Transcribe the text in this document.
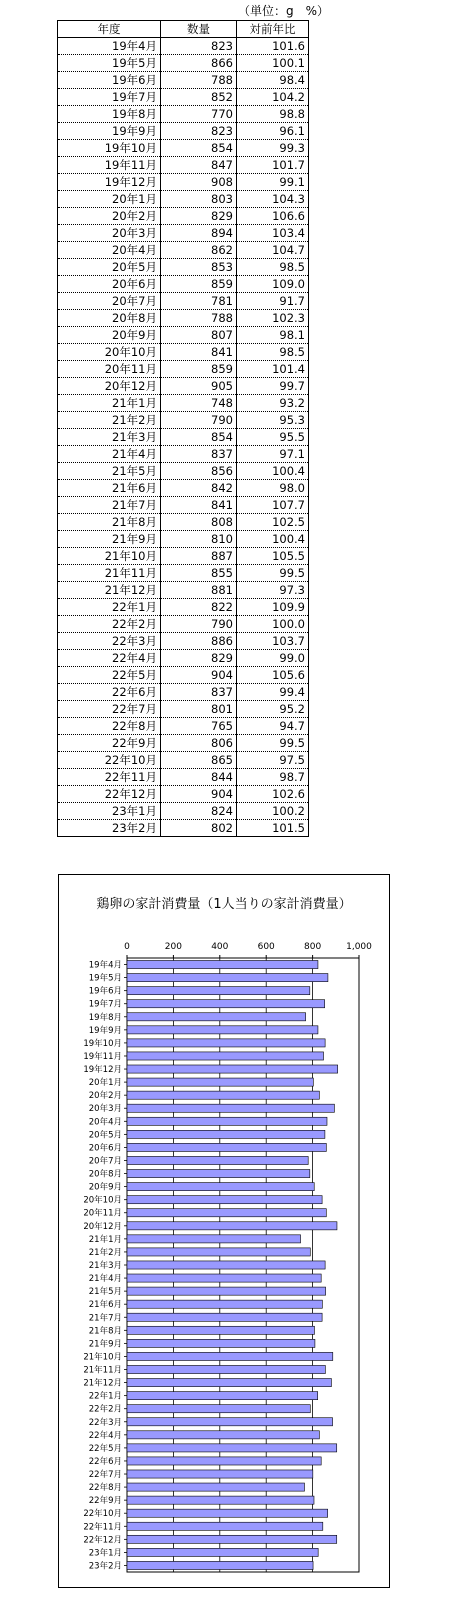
（単位：g　%）
年度	数量	対前年比
19年4月	823	101.6
19年5月	866	100.1
19年6月	788	98.4
19年7月	852	104.2
19年8月	770	98.8
19年9月	823	96.1
19年10月	854	99.3
19年11月	847	101.7
19年12月	908	99.1
20年1月	803	104.3
20年2月	829	106.6
20年3月	894	103.4
20年4月	862	104.7
20年5月	853	98.5
20年6月	859	109.0
20年7月	781	91.7
20年8月	788	102.3
20年9月	807	98.1
20年10月	841	98.5
20年11月	859	101.4
20年12月	905	99.7
21年1月	748	93.2
21年2月	790	95.3
21年3月	854	95.5
21年4月	837	97.1
21年5月	856	100.4
21年6月	842	98.0
21年7月	841	107.7
21年8月	808	102.5
21年9月	810	100.4
21年10月	887	105.5
21年11月	855	99.5
21年12月	881	97.3
22年1月	822	109.9
22年2月	790	100.0
22年3月	886	103.7
22年4月	829	99.0
22年5月	904	105.6
22年6月	837	99.4
22年7月	801	95.2
22年8月	765	94.7
22年9月	806	99.5
22年10月	865	97.5
22年11月	844	98.7
22年12月	904	102.6
23年1月	824	100.2
23年2月	802	101.5
鶏卵の家計消費量（1人当りの家計消費量）
0	200	400	600	800	1,000
19年4月
19年5月
19年6月
19年7月
19年8月
19年9月
19年10月
19年11月
19年12月
20年1月
20年2月
20年3月
20年4月
20年5月
20年6月
20年7月
20年8月
20年9月
20年10月
20年11月
20年12月
21年1月
21年2月
21年3月
21年4月
21年5月
21年6月
21年7月
21年8月
21年9月
21年10月
21年11月
21年12月
22年1月
22年2月
22年3月
22年4月
22年5月
22年6月
22年7月
22年8月
22年9月
22年10月
22年11月
22年12月
23年1月
23年2月
